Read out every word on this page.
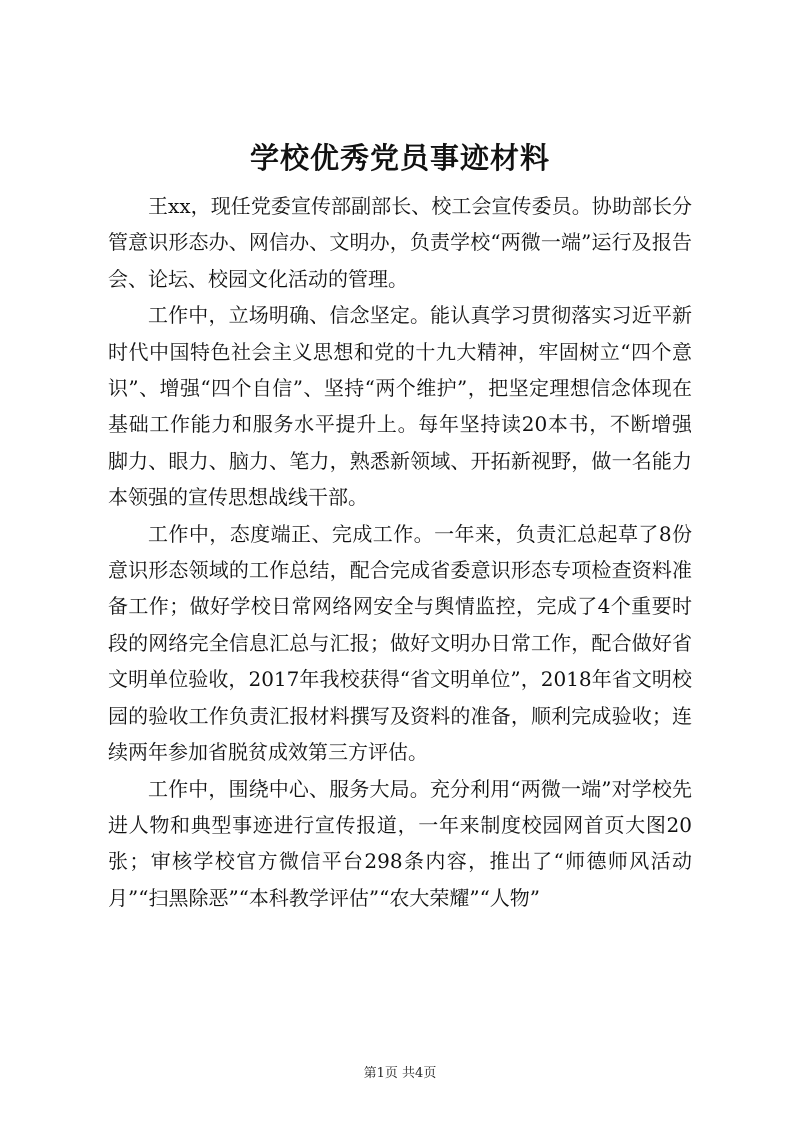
学校优秀党员事迹材料

王xx，现任党委宣传部副部长、校工会宣传委员。协助部长分管意识形态办、网信办、文明办，负责学校“两微一端”运行及报告会、论坛、校园文化活动的管理。

工作中，立场明确、信念坚定。能认真学习贯彻落实习近平新时代中国特色社会主义思想和党的十九大精神，牢固树立“四个意识”、增强“四个自信”、坚持“两个维护”，把坚定理想信念体现在基础工作能力和服务水平提升上。每年坚持读20本书，不断增强脚力、眼力、脑力、笔力，熟悉新领域、开拓新视野，做一名能力本领强的宣传思想战线干部。

工作中，态度端正、完成工作。一年来，负责汇总起草了8份意识形态领域的工作总结，配合完成省委意识形态专项检查资料准备工作；做好学校日常网络网安全与舆情监控，完成了4个重要时段的网络完全信息汇总与汇报；做好文明办日常工作，配合做好省文明单位验收，2017年我校获得“省文明单位”，2018年省文明校园的验收工作负责汇报材料撰写及资料的准备，顺利完成验收；连续两年参加省脱贫成效第三方评估。

工作中，围绕中心、服务大局。充分利用“两微一端”对学校先进人物和典型事迹进行宣传报道，一年来制度校园网首页大图20张；审核学校官方微信平台298条内容，推出了“师德师风活动月”“扫黑除恶”“本科教学评估”“农大荣耀”“人物”

第1页 共4页
